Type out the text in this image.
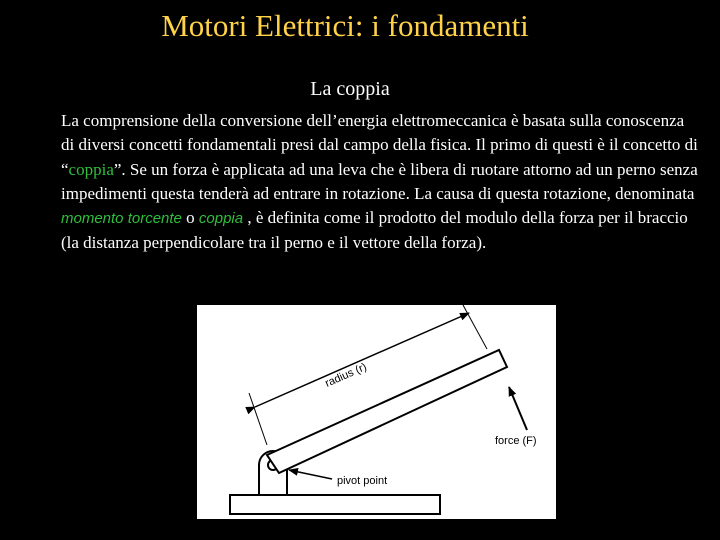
Motori Elettrici: i fondamenti
La coppia

La comprensione della conversione dell’energia elettromeccanica è basata sulla conoscenza di diversi concetti fondamentali presi dal campo della fisica. Il primo di questi è il concetto di “coppia”. Se un forza è applicata ad una leva che è libera di ruotare attorno ad un perno senza impedimenti questa tenderà ad entrare in rotazione. La causa di questa rotazione, denominata momento torcente o coppia , è definita come il prodotto del modulo della forza per il braccio (la distanza perpendicolare tra il perno e il vettore della forza).

radius (r)
force (F)
pivot point
